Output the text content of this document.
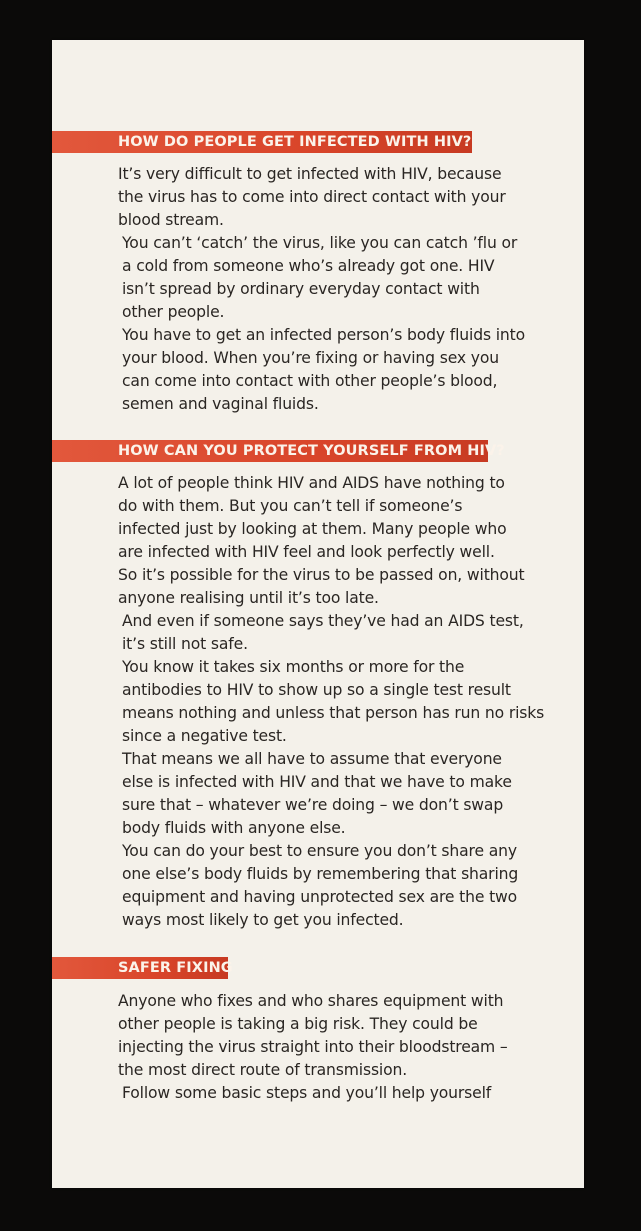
HOW DO PEOPLE GET INFECTED WITH HIV?

It’s very difficult to get infected with HIV, because
the virus has to come into direct contact with your
blood stream.

You can’t ‘catch’ the virus, like you can catch ’flu or
a cold from someone who’s already got one. HIV
isn’t spread by ordinary everyday contact with
other people.

You have to get an infected person’s body fluids into
your blood. When you’re fixing or having sex you
can come into contact with other people’s blood,
semen and vaginal fluids.

HOW CAN YOU PROTECT YOURSELF FROM HIV?

A lot of people think HIV and AIDS have nothing to
do with them. But you can’t tell if someone’s
infected just by looking at them. Many people who
are infected with HIV feel and look perfectly well.
So it’s possible for the virus to be passed on, without
anyone realising until it’s too late.

And even if someone says they’ve had an AIDS test,
it’s still not safe.

You know it takes six months or more for the
antibodies to HIV to show up so a single test result
means nothing and unless that person has run no risks
since a negative test.

That means we all have to assume that everyone
else is infected with HIV and that we have to make
sure that – whatever we’re doing – we don’t swap
body fluids with anyone else.

You can do your best to ensure you don’t share any
one else’s body fluids by remembering that sharing
equipment and having unprotected sex are the two
ways most likely to get you infected.

SAFER FIXING

Anyone who fixes and who shares equipment with
other people is taking a big risk. They could be
injecting the virus straight into their bloodstream –
the most direct route of transmission.

Follow some basic steps and you’ll help yourself
